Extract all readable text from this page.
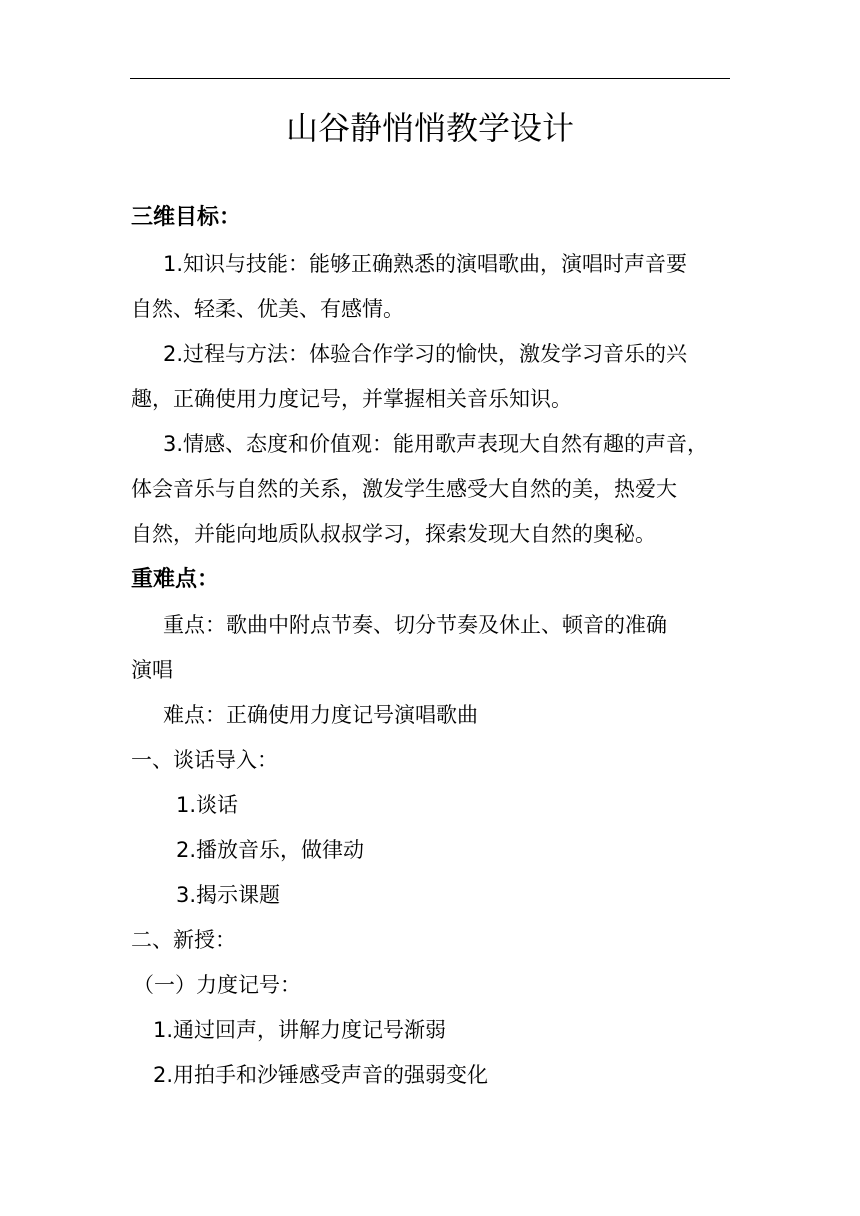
山谷静悄悄教学设计
三维目标：
1.知识与技能：能够正确熟悉的演唱歌曲，演唱时声音要
自然、轻柔、优美、有感情。
2.过程与方法：体验合作学习的愉快，激发学习音乐的兴
趣，正确使用力度记号，并掌握相关音乐知识。
3.情感、态度和价值观：能用歌声表现大自然有趣的声音，
体会音乐与自然的关系，激发学生感受大自然的美，热爱大
自然，并能向地质队叔叔学习，探索发现大自然的奥秘。
重难点：
重点：歌曲中附点节奏、切分节奏及休止、顿音的准确
演唱
难点：正确使用力度记号演唱歌曲
一、谈话导入：
1.谈话
2.播放音乐，做律动
3.揭示课题
二、新授：
（一）力度记号：
1.通过回声，讲解力度记号渐弱
2.用拍手和沙锤感受声音的强弱变化
